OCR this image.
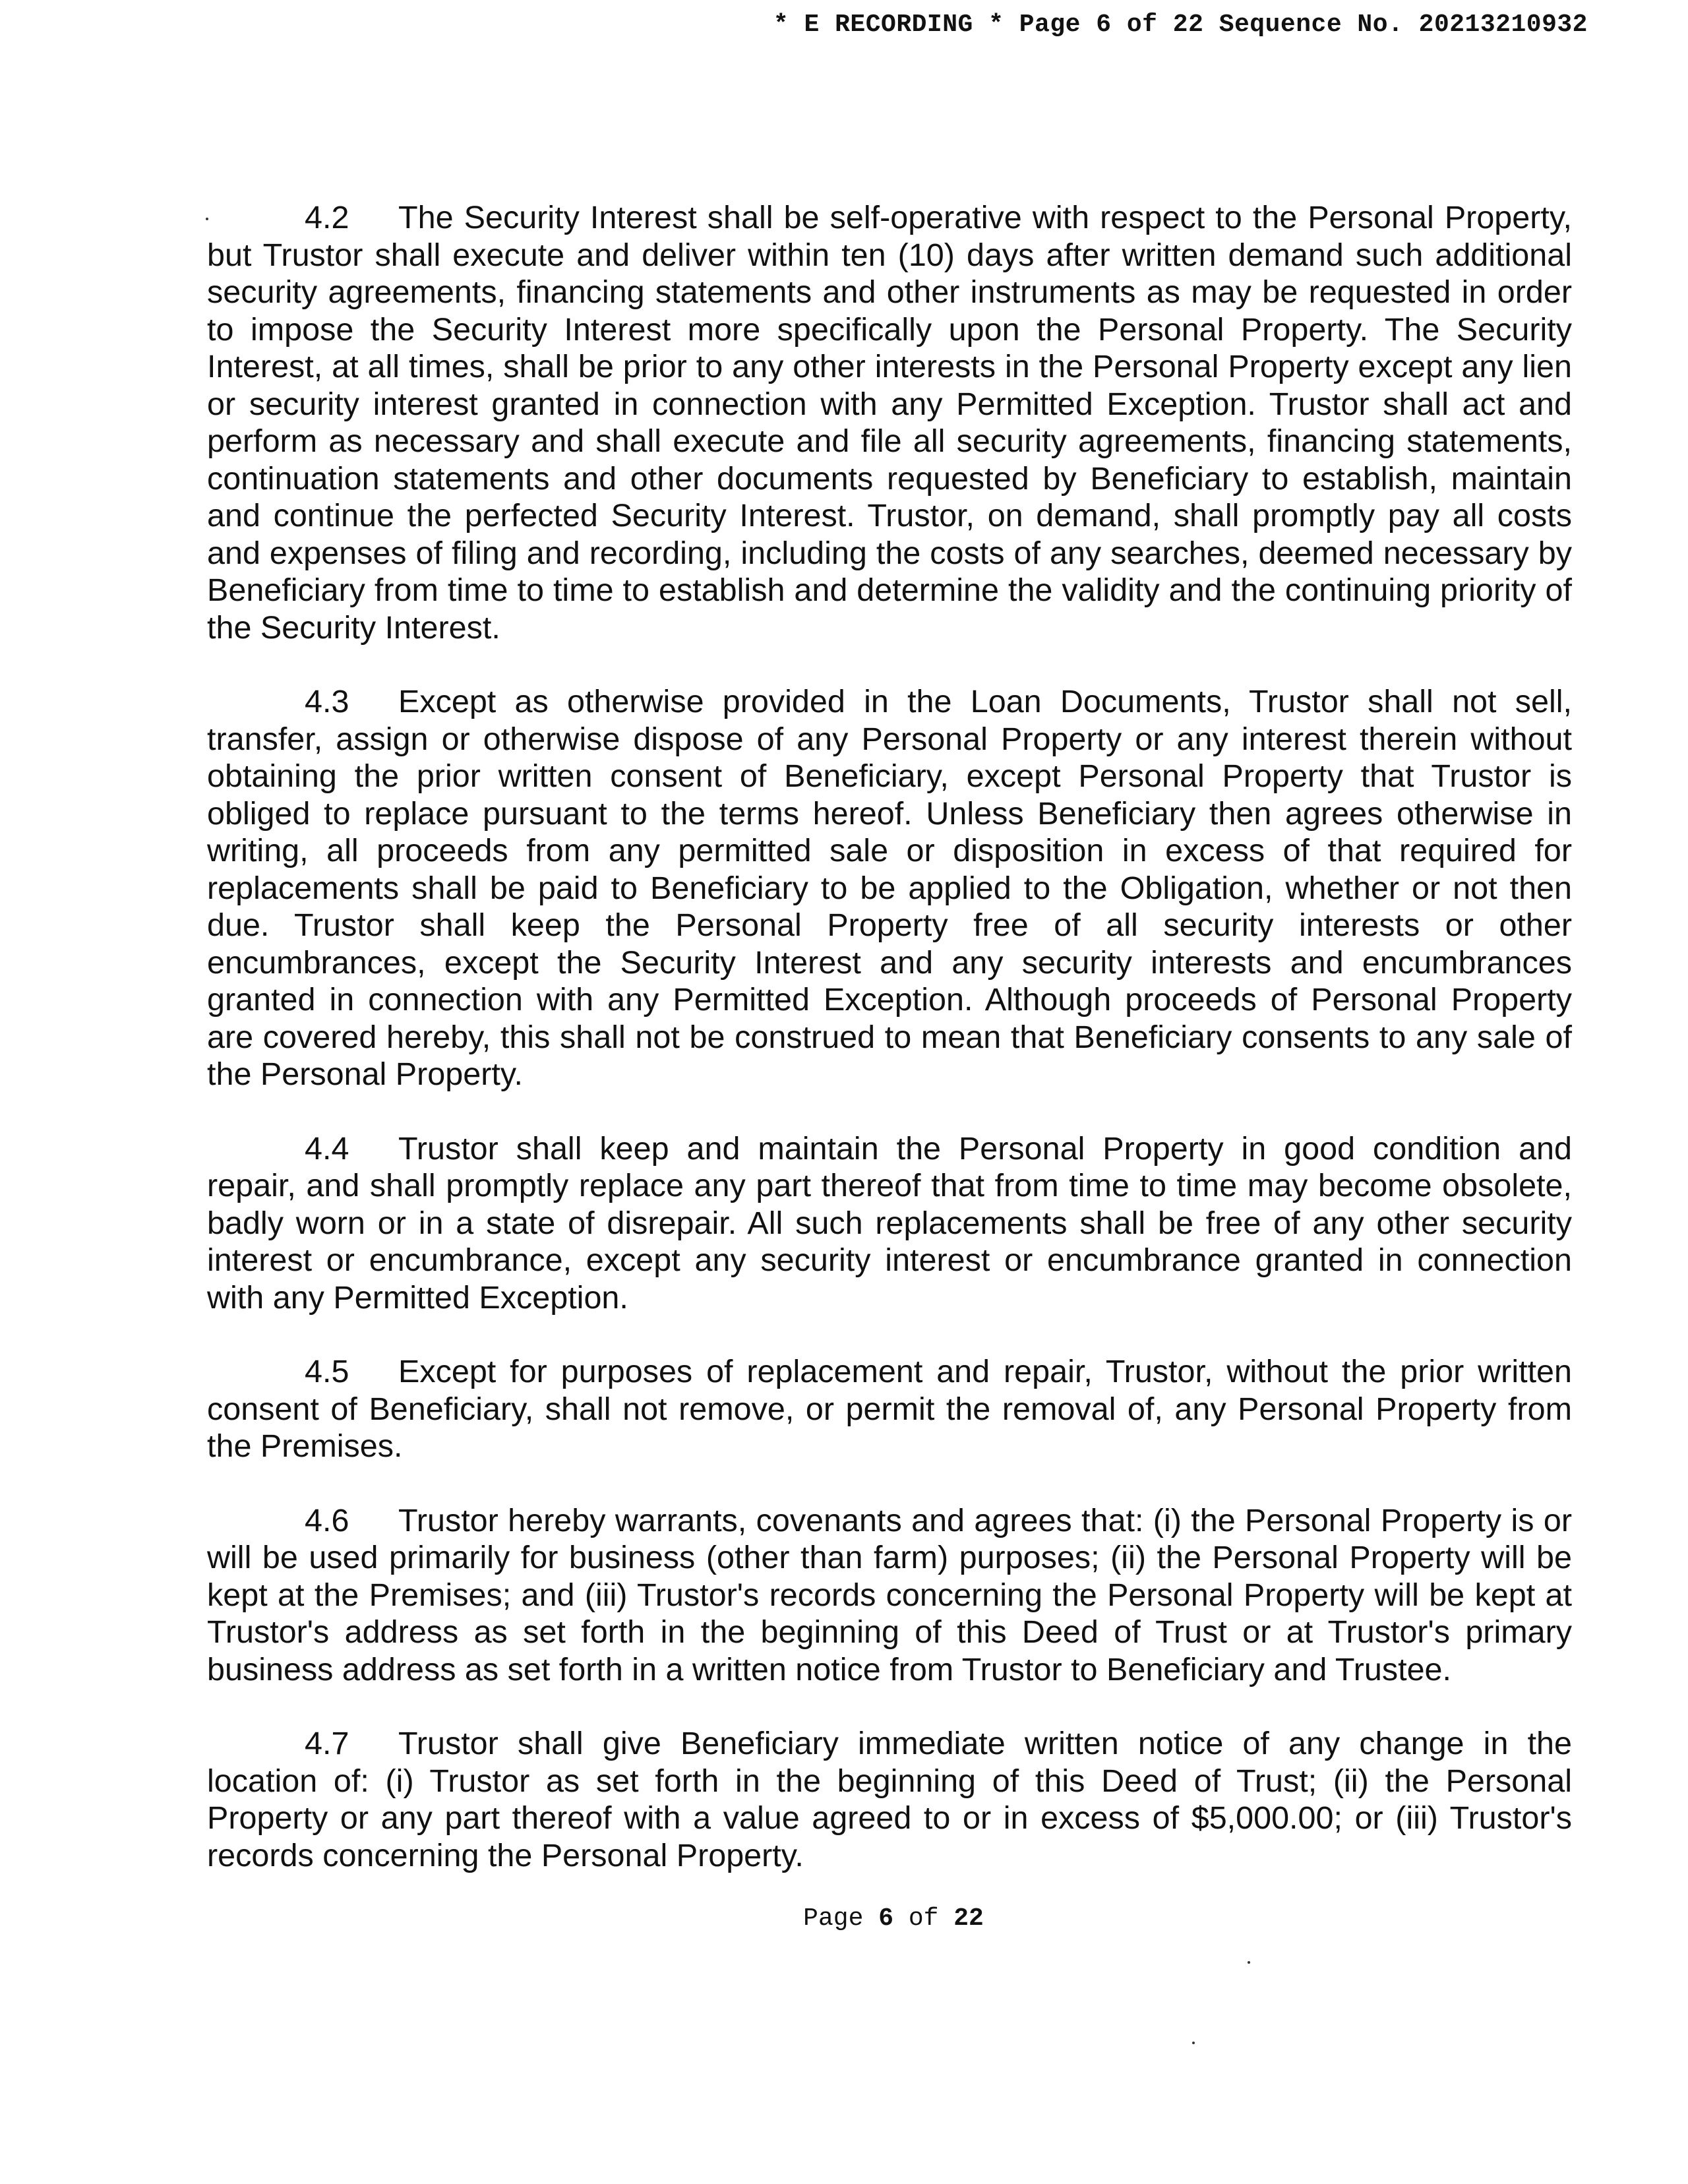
* E RECORDING * Page 6 of 22 Sequence No. 20213210932

4.2 The Security Interest shall be self-operative with respect to the Personal Property, but Trustor shall execute and deliver within ten (10) days after written demand such additional security agreements, financing statements and other instruments as may be requested in order to impose the Security Interest more specifically upon the Personal Property. The Security Interest, at all times, shall be prior to any other interests in the Personal Property except any lien or security interest granted in connection with any Permitted Exception. Trustor shall act and perform as necessary and shall execute and file all security agreements, financing statements, continuation statements and other documents requested by Beneficiary to establish, maintain and continue the perfected Security Interest. Trustor, on demand, shall promptly pay all costs and expenses of filing and recording, including the costs of any searches, deemed necessary by Beneficiary from time to time to establish and determine the validity and the continuing priority of the Security Interest.

4.3 Except as otherwise provided in the Loan Documents, Trustor shall not sell, transfer, assign or otherwise dispose of any Personal Property or any interest therein without obtaining the prior written consent of Beneficiary, except Personal Property that Trustor is obliged to replace pursuant to the terms hereof. Unless Beneficiary then agrees otherwise in writing, all proceeds from any permitted sale or disposition in excess of that required for replacements shall be paid to Beneficiary to be applied to the Obligation, whether or not then due. Trustor shall keep the Personal Property free of all security interests or other encumbrances, except the Security Interest and any security interests and encumbrances granted in connection with any Permitted Exception. Although proceeds of Personal Property are covered hereby, this shall not be construed to mean that Beneficiary consents to any sale of the Personal Property.

4.4 Trustor shall keep and maintain the Personal Property in good condition and repair, and shall promptly replace any part thereof that from time to time may become obsolete, badly worn or in a state of disrepair. All such replacements shall be free of any other security interest or encumbrance, except any security interest or encumbrance granted in connection with any Permitted Exception.

4.5 Except for purposes of replacement and repair, Trustor, without the prior written consent of Beneficiary, shall not remove, or permit the removal of, any Personal Property from the Premises.

4.6 Trustor hereby warrants, covenants and agrees that: (i) the Personal Property is or will be used primarily for business (other than farm) purposes; (ii) the Personal Property will be kept at the Premises; and (iii) Trustor's records concerning the Personal Property will be kept at Trustor's address as set forth in the beginning of this Deed of Trust or at Trustor's primary business address as set forth in a written notice from Trustor to Beneficiary and Trustee.

4.7 Trustor shall give Beneficiary immediate written notice of any change in the location of: (i) Trustor as set forth in the beginning of this Deed of Trust; (ii) the Personal Property or any part thereof with a value agreed to or in excess of $5,000.00; or (iii) Trustor's records concerning the Personal Property.

Page 6 of 22
